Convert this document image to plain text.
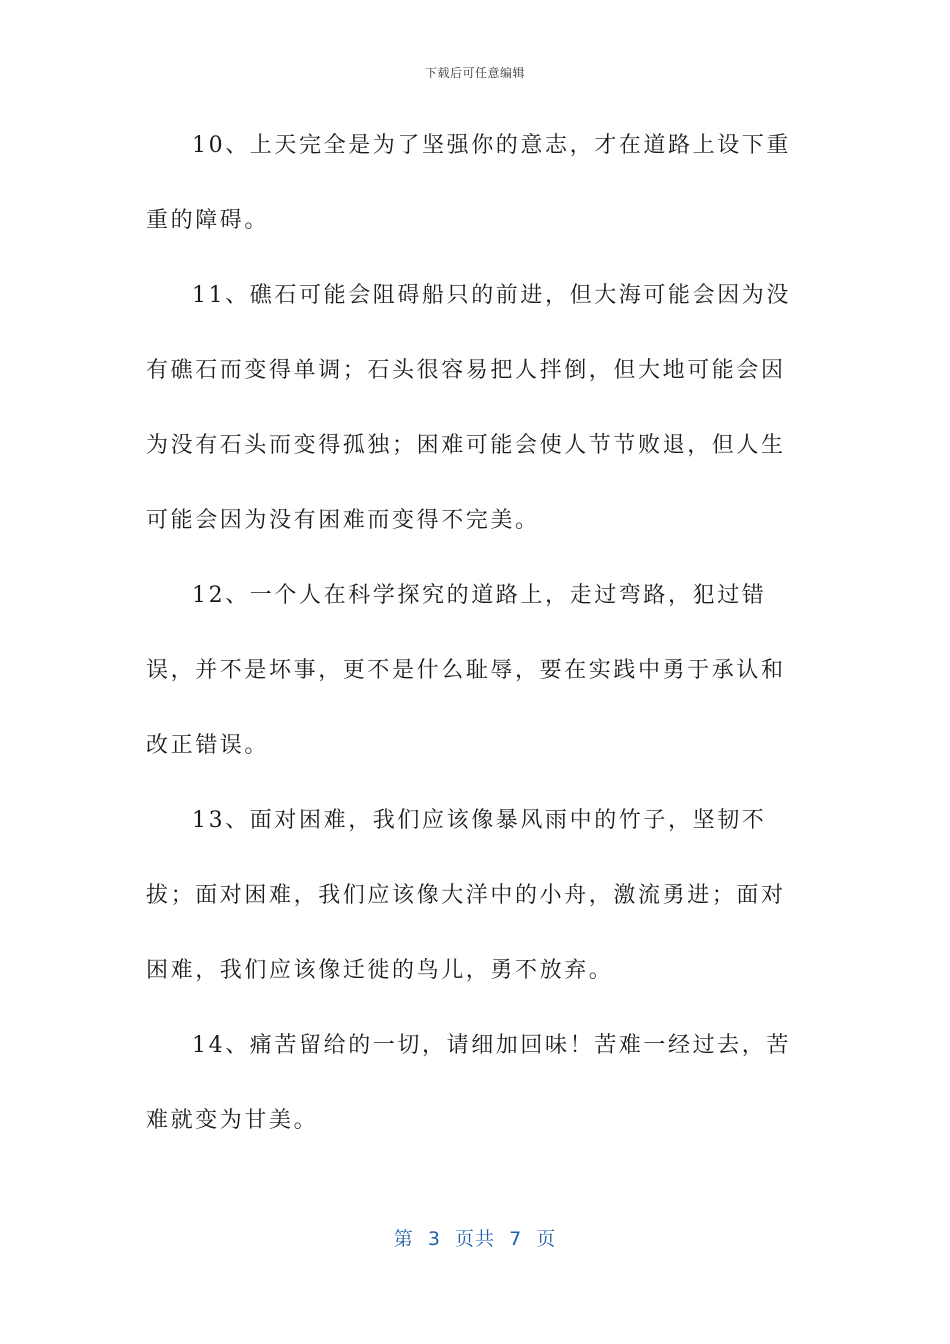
下载后可任意编辑

10、上天完全是为了坚强你的意志，才在道路上设下重重的障碍。

11、礁石可能会阻碍船只的前进，但大海可能会因为没有礁石而变得单调；石头很容易把人拌倒，但大地可能会因为没有石头而变得孤独；困难可能会使人节节败退，但人生可能会因为没有困难而变得不完美。

12、一个人在科学探究的道路上，走过弯路，犯过错误，并不是坏事，更不是什么耻辱，要在实践中勇于承认和改正错误。

13、面对困难，我们应该像暴风雨中的竹子，坚韧不拔；面对困难，我们应该像大洋中的小舟，激流勇进；面对困难，我们应该像迁徙的鸟儿，勇不放弃。

14、痛苦留给的一切，请细加回味！苦难一经过去，苦难就变为甘美。

第  3  页共  7  页
